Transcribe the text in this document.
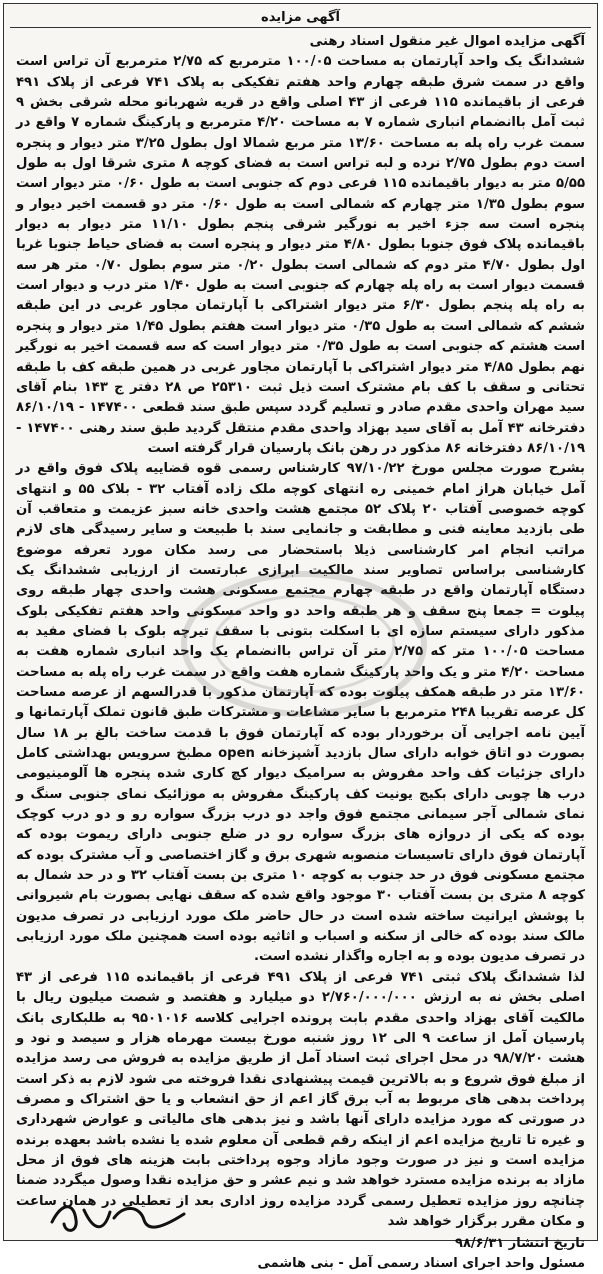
آگهی مزایده

آگهی مزایده اموال غیر منقول اسناد رهنی

ششدانگ یک واحد آپارتمان به مساحت ۱۰۰/۰۵ مترمربع که ۲/۷۵ مترمربع آن تراس است واقع در سمت شرق طبقه چهارم واحد هفتم تفکیکی به پلاک ۷۴۱ فرعی از پلاک ۴۹۱ فرعی از باقیمانده ۱۱۵ فرعی از ۴۳ اصلی واقع در قریه شهربانو محله شرقی بخش ۹ ثبت آمل باانضمام انباری شماره ۷ به مساحت ۴/۲۰ مترمربع و پارکینگ شماره ۷ واقع در سمت غرب راه پله به مساحت ۱۳/۶۰ متر مربع شمالا اول بطول ۳/۲۵ متر دیوار و پنجره است دوم بطول ۲/۷۵ نرده و لبه تراس است به فضای کوچه ۸ متری شرقا اول به طول ۵/۵۵ متر به دیوار باقیمانده ۱۱۵ فرعی دوم که جنوبی است به طول ۰/۶۰ متر دیوار است سوم بطول ۱/۳۵ متر چهارم که شمالی است به طول ۰/۶۰ متر دو قسمت اخیر دیوار و پنجره است سه جزء اخیر به نورگیر شرقی پنجم بطول ۱۱/۱۰ متر دیوار به دیوار باقیمانده پلاک فوق جنوبا بطول ۴/۸۰ متر دیوار و پنجره است به فضای حیاط جنوبا غربا اول بطول ۴/۷۰ متر دوم که شمالی است بطول ۰/۲۰ متر سوم بطول ۰/۷۰ متر هر سه قسمت دیوار است به راه پله چهارم که جنوبی است به طول ۱/۴۰ متر درب و دیوار است به راه پله پنجم بطول ۶/۳۰ متر دیوار اشتراکی با آپارتمان مجاور غربی در این طبقه ششم که شمالی است به طول ۰/۳۵ متر دیوار است هفتم بطول ۱/۴۵ متر دیوار و پنجره است هشتم که جنوبی است به طول ۰/۳۵ متر دیوار است که سه قسمت اخیر به نورگیر نهم بطول ۴/۸۵ متر دیوار اشتراکی با آپارتمان مجاور غربی در همین طبقه کف با طبقه تحتانی و سقف با کف بام مشترک است ذیل ثبت ۲۵۳۱۰ ص ۲۸ دفتر ج ۱۴۳ بنام آقای سید مهران واحدی مقدم صادر و تسلیم گردد سپس طبق سند قطعی ۱۴۷۴۰۰ - ۸۶/۱۰/۱۹ دفترخانه ۴۳ آمل به آقای سید بهزاد واحدی مقدم منتقل گردید طبق سند رهنی ۱۴۷۴۰۰ - ۸۶/۱۰/۱۹ دفترخانه ۸۶ مذکور در رهن بانک پارسیان قرار گرفته است

بشرح صورت مجلس مورخ ۹۷/۱۰/۲۲ کارشناس رسمی قوه قضاییه پلاک فوق واقع در آمل خیابان هراز امام خمینی ره انتهای کوچه ملک زاده آفتاب ۳۲ - بلاک ۵۵ و انتهای کوچه خصوصی آفتاب ۲۰ پلاک ۵۲ مجتمع هشت واحدی خانه سبز عزیمت و متعاقب آن طی بازدید معاینه فنی و مطابقت و جانمایی سند با طبیعت و سایر رسیدگی های لازم مراتب انجام امر کارشناسی ذیلا باستحضار می رسد مکان مورد تعرفه موضوع کارشناسی براساس تصاویر سند مالکیت ابرازی عبارتست از ارزیابی ششدانگ یک دستگاه آپارتمان واقع در طبقه چهارم مجتمع مسکونی هشت واحدی چهار طبقه روی پیلوت = جمعا پنج سقف و هر طبقه واحد دو واحد مسکونی واحد هفتم تفکیکی بلوک مذکور دارای سیستم سازه ای با اسکلت بتونی با سقف تیرچه بلوک با فضای مفید به مساحت ۱۰۰/۰۵ متر که ۲/۷۵ متر آن تراس باانضمام یک واحد انباری شماره هفت به مساحت ۴/۲۰ متر و یک واحد پارکینگ شماره هفت واقع در سمت غرب راه پله به مساحت ۱۳/۶۰ متر در طبقه همکف پیلوت بوده که آپارتمان مذکور با قدرالسهم از عرصه مساحت کل عرصه تقریبا ۲۴۸ مترمربع با سایر مشاعات و مشترکات طبق قانون تملک آپارتمانها و آیین نامه اجرایی آن برخوردار بوده که آپارتمان فوق با قدمت ساخت بالغ بر ۱۸ سال بصورت دو اتاق خوابه دارای سال بازدید آشپزخانه open مطبخ سرویس بهداشتی کامل دارای جزئیات کف واحد مفروش به سرامیک دیوار کچ کاری شده پنجره ها آلومینیومی درب ها چوبی دارای بکیج یونیت کف پارکینگ مفروش به موزائیک نمای جنوبی سنگ و نمای شمالی آجر سیمانی مجتمع فوق واجد دو درب بزرگ سواره رو و دو درب کوچک بوده که یکی از دروازه های بزرگ سواره رو در ضلع جنوبی دارای ریموت بوده که آپارتمان فوق دارای تاسیسات منصوبه شهری برق و گاز اختصاصی و آب مشترک بوده که مجتمع مسکونی فوق در حد جنوب به کوچه ۱۰ متری بن بست آفتاب ۳۲ و در حد شمال به کوچه ۸ متری بن بست آفتاب ۳۰ موجود واقع شده که سقف نهایی بصورت بام شیروانی با پوشش ایرانیت ساخته شده است در حال حاضر ملک مورد ارزیابی در تصرف مدیون مالک سند بوده که خالی از سکنه و اسباب و اثاثیه بوده است همچنین ملک مورد ارزیابی در تصرف مدیون بوده و به اجاره واگذار نشده است.

لذا ششدانگ پلاک ثبتی ۷۴۱ فرعی از پلاک ۴۹۱ فرعی از باقیمانده ۱۱۵ فرعی از ۴۳ اصلی بخش نه به ارزش ۲/۷۶۰/۰۰۰/۰۰۰ دو میلیارد و هفتصد و شصت میلیون ریال با مالکیت آقای بهزاد واحدی مقدم بابت پرونده اجرایی کلاسه ۹۵۰۱۰۱۶ به طلبکاری بانک پارسیان آمل از ساعت ۹ الی ۱۲ روز شنبه مورخ بیست مهرماه هزار و سیصد و نود و هشت ۹۸/۷/۲۰ در محل اجرای ثبت اسناد آمل از طریق مزایده به فروش می رسد مزایده از مبلغ فوق شروع و به بالاترین قیمت پیشنهادی نقدا فروخته می شود لازم به ذکر است پرداخت بدهی های مربوط به آب برق گاز اعم از حق انشعاب و یا حق اشتراک و مصرف در صورتی که مورد مزایده دارای آنها باشد و نیز بدهی های مالیاتی و عوارض شهرداری و غیره تا تاریخ مزایده اعم از اینکه رقم قطعی آن معلوم شده یا نشده باشد بعهده برنده مزایده است و نیز در صورت وجود مازاد وجوه پرداختی بابت هزینه های فوق از محل مازاد به برنده مزایده مسترد خواهد شد و نیم عشر و حق مزایده نقدا وصول میگردد ضمنا چنانچه روز مزایده تعطیل رسمی گردد مزایده روز اداری بعد از تعطیلی در همان ساعت و مکان مقرر برگزار خواهد شد

تاریخ انتشار ۹۸/۶/۳۱
مسئول واحد اجرای اسناد رسمی آمل - بنی هاشمی
